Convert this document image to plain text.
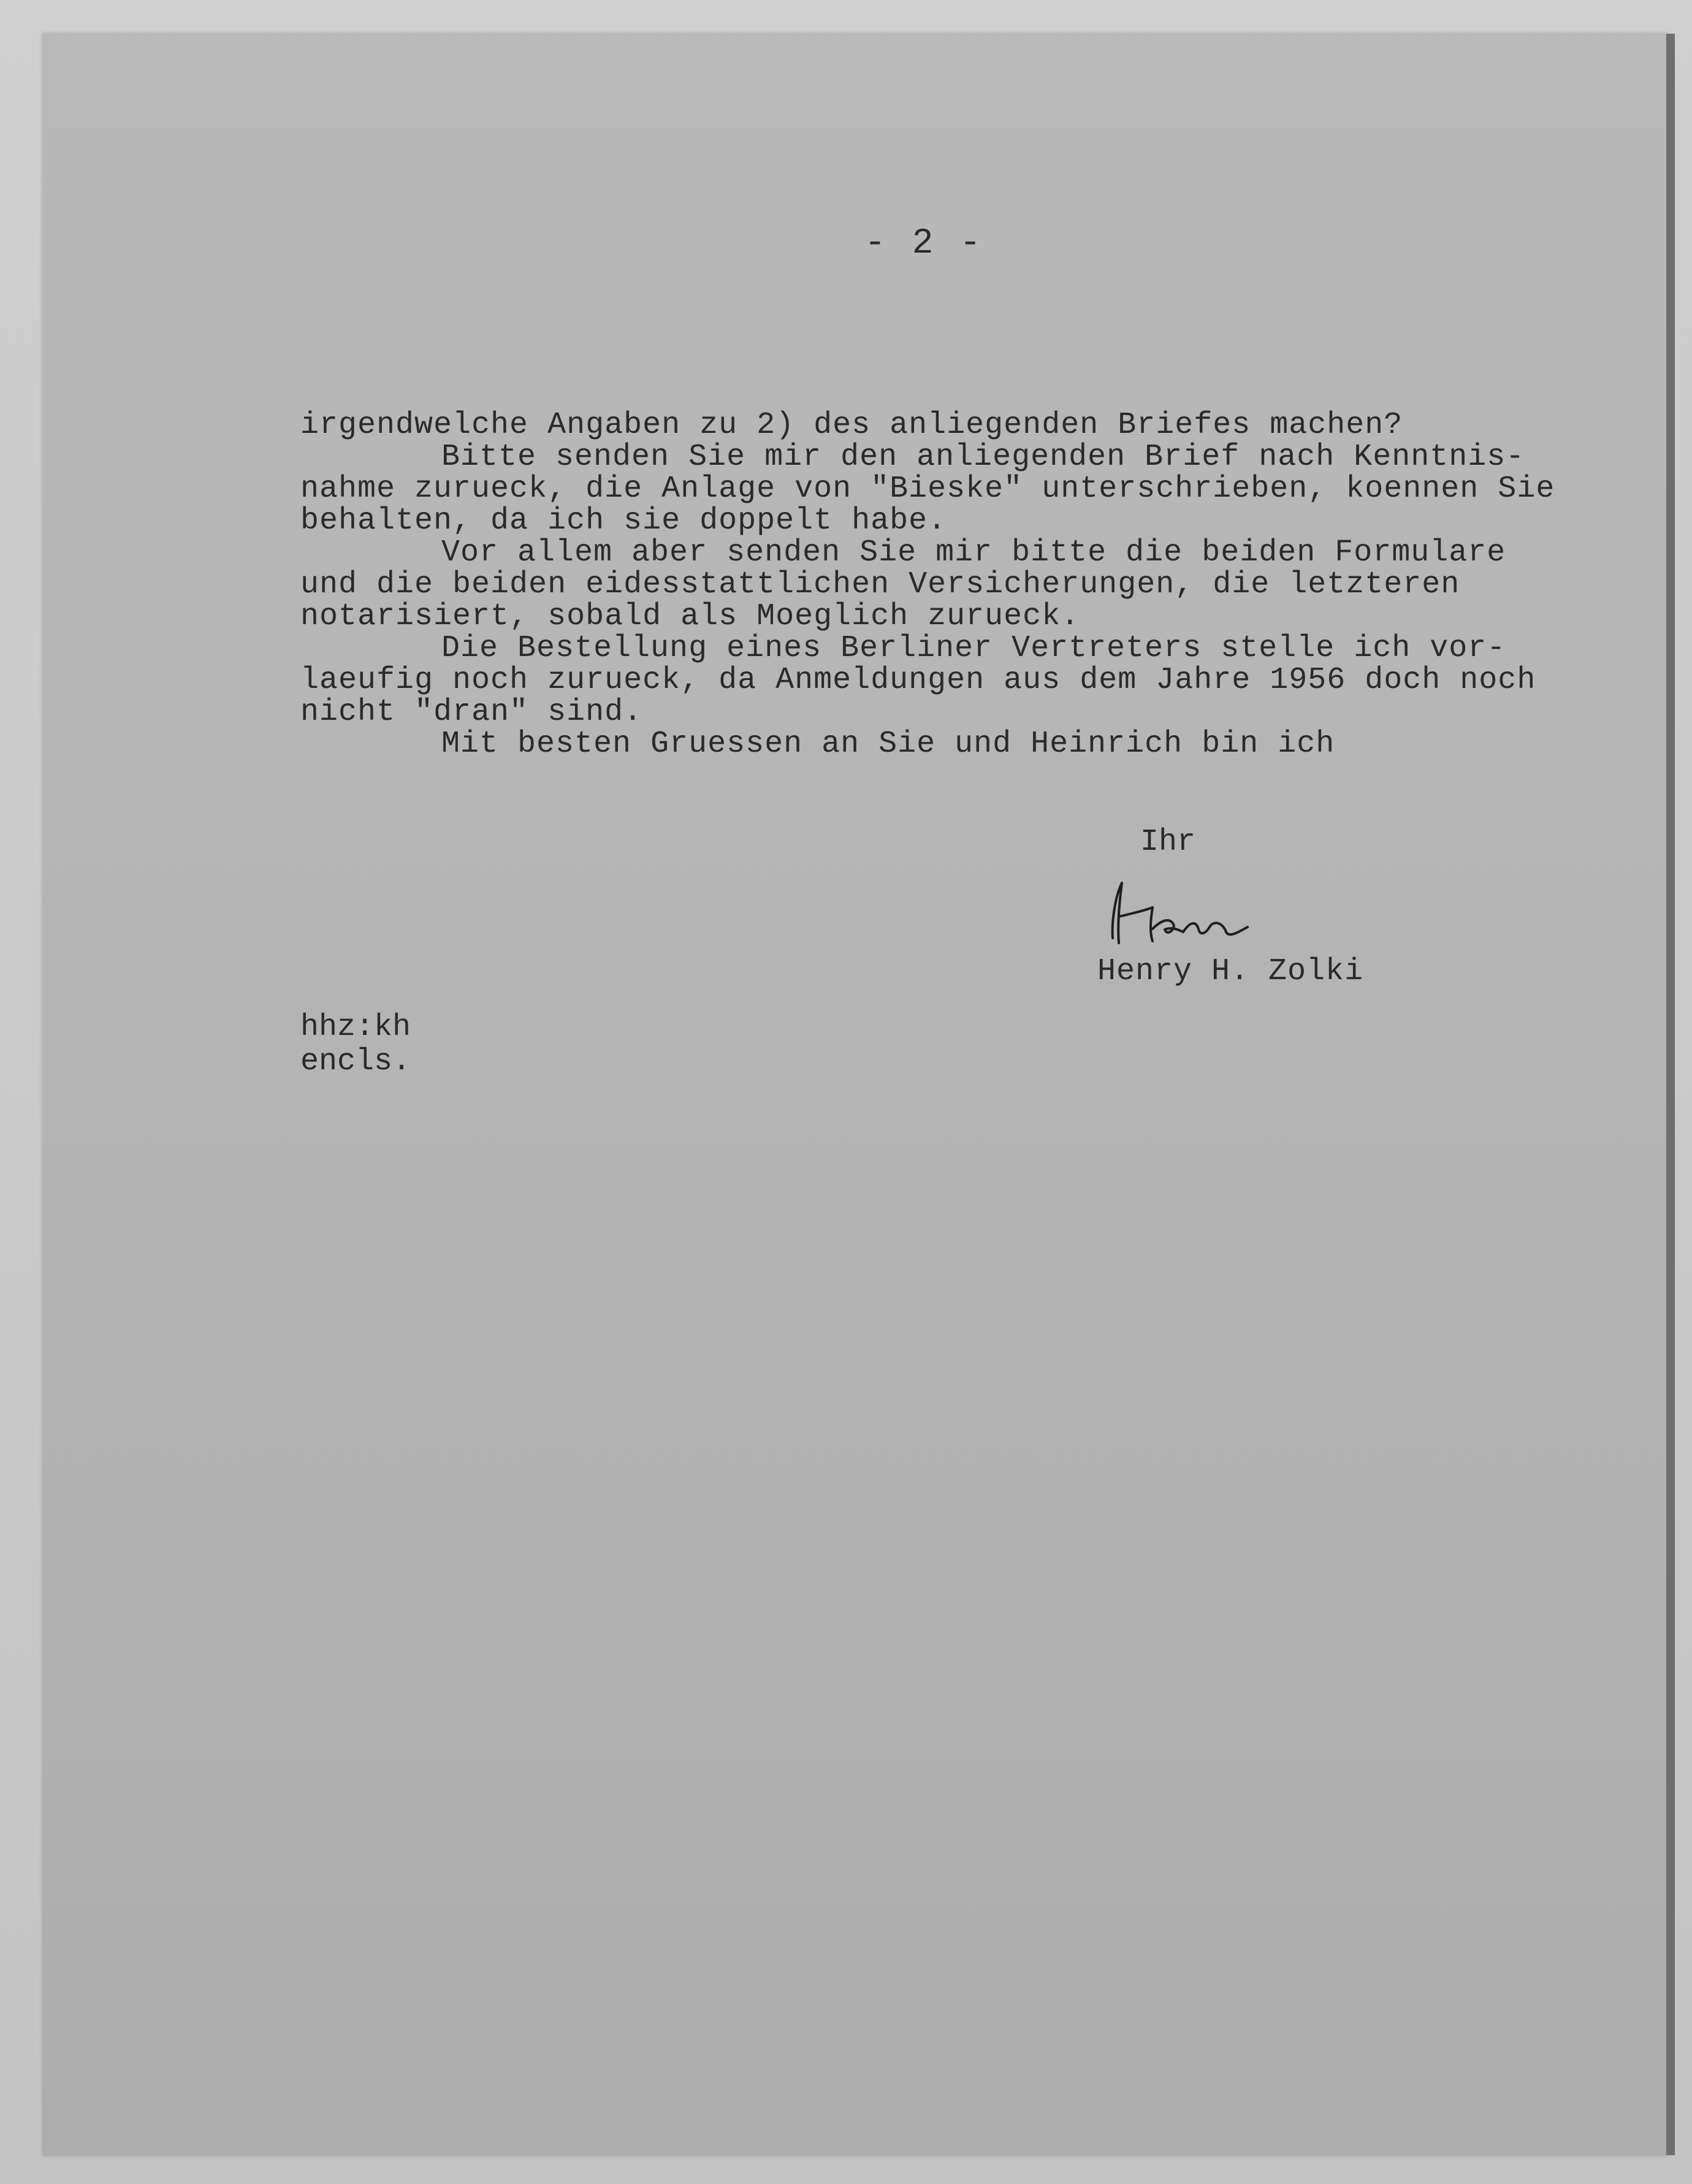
- 2 -
irgendwelche Angaben zu 2) des anliegenden Briefes machen?
Bitte senden Sie mir den anliegenden Brief nach Kenntnis-
nahme zurueck, die Anlage von "Bieske" unterschrieben, koennen Sie
behalten, da ich sie doppelt habe.
Vor allem aber senden Sie mir bitte die beiden Formulare
und die beiden eidesstattlichen Versicherungen, die letzteren
notarisiert, sobald als Moeglich zurueck.
Die Bestellung eines Berliner Vertreters stelle ich vor-
laeufig noch zurueck, da Anmeldungen aus dem Jahre 1956 doch noch
nicht "dran" sind.
Mit besten Gruessen an Sie und Heinrich bin ich
Ihr
Henry H. Zolki
hhz:kh
encls.
